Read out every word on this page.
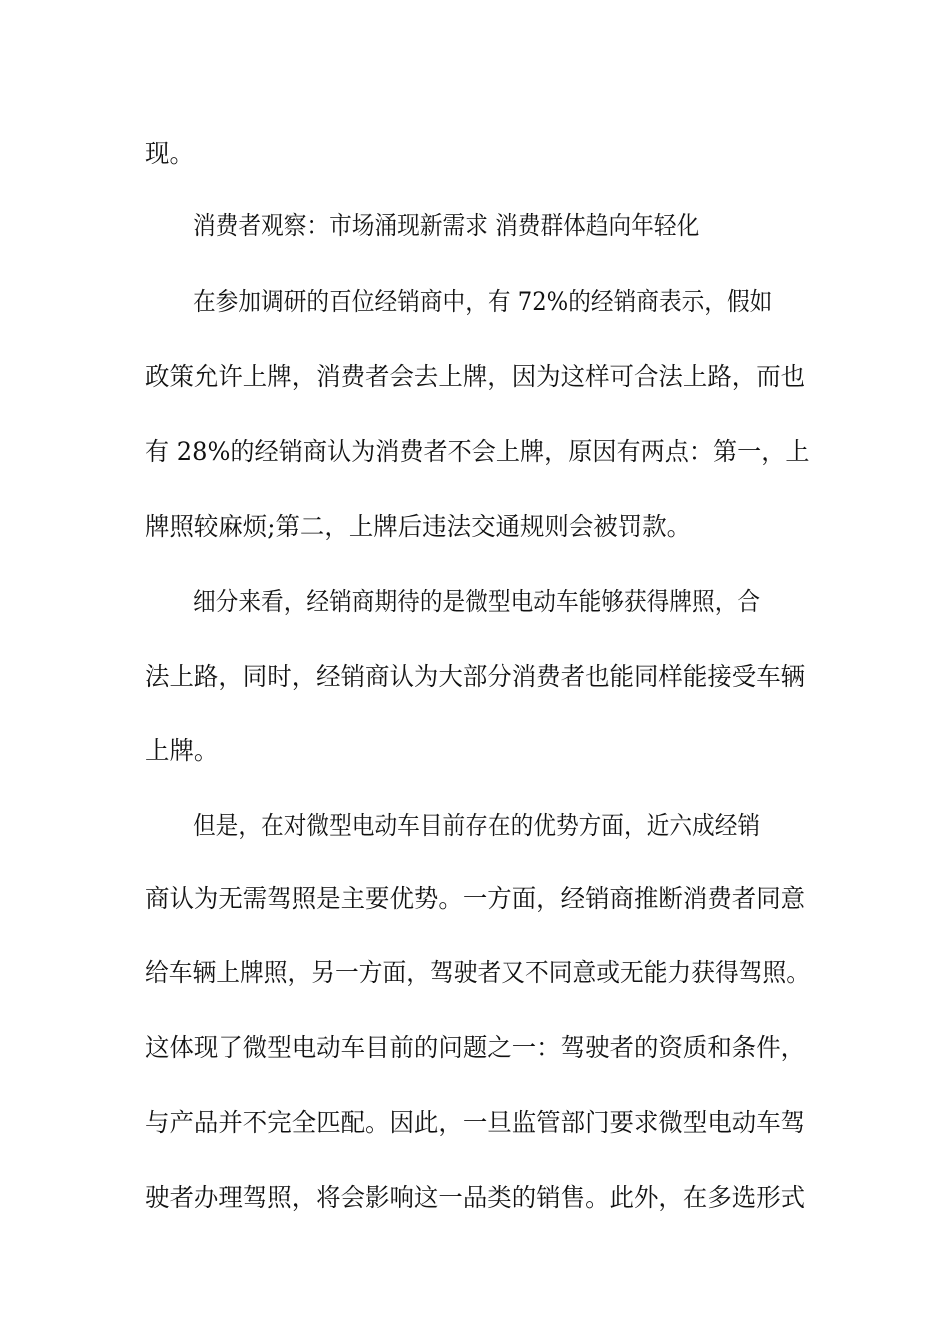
现。
消费者观察：市场涌现新需求 消费群体趋向年轻化
在参加调研的百位经销商中，有 72%的经销商表示，假如
政策允许上牌，消费者会去上牌，因为这样可合法上路，而也
有 28%的经销商认为消费者不会上牌，原因有两点：第一，上
牌照较麻烦;第二，上牌后违法交通规则会被罚款。
细分来看，经销商期待的是微型电动车能够获得牌照，合
法上路，同时，经销商认为大部分消费者也能同样能接受车辆
上牌。
但是，在对微型电动车目前存在的优势方面，近六成经销
商认为无需驾照是主要优势。一方面，经销商推断消费者同意
给车辆上牌照，另一方面，驾驶者又不同意或无能力获得驾照。
这体现了微型电动车目前的问题之一：驾驶者的资质和条件，
与产品并不完全匹配。因此，一旦监管部门要求微型电动车驾
驶者办理驾照，将会影响这一品类的销售。此外，在多选形式
